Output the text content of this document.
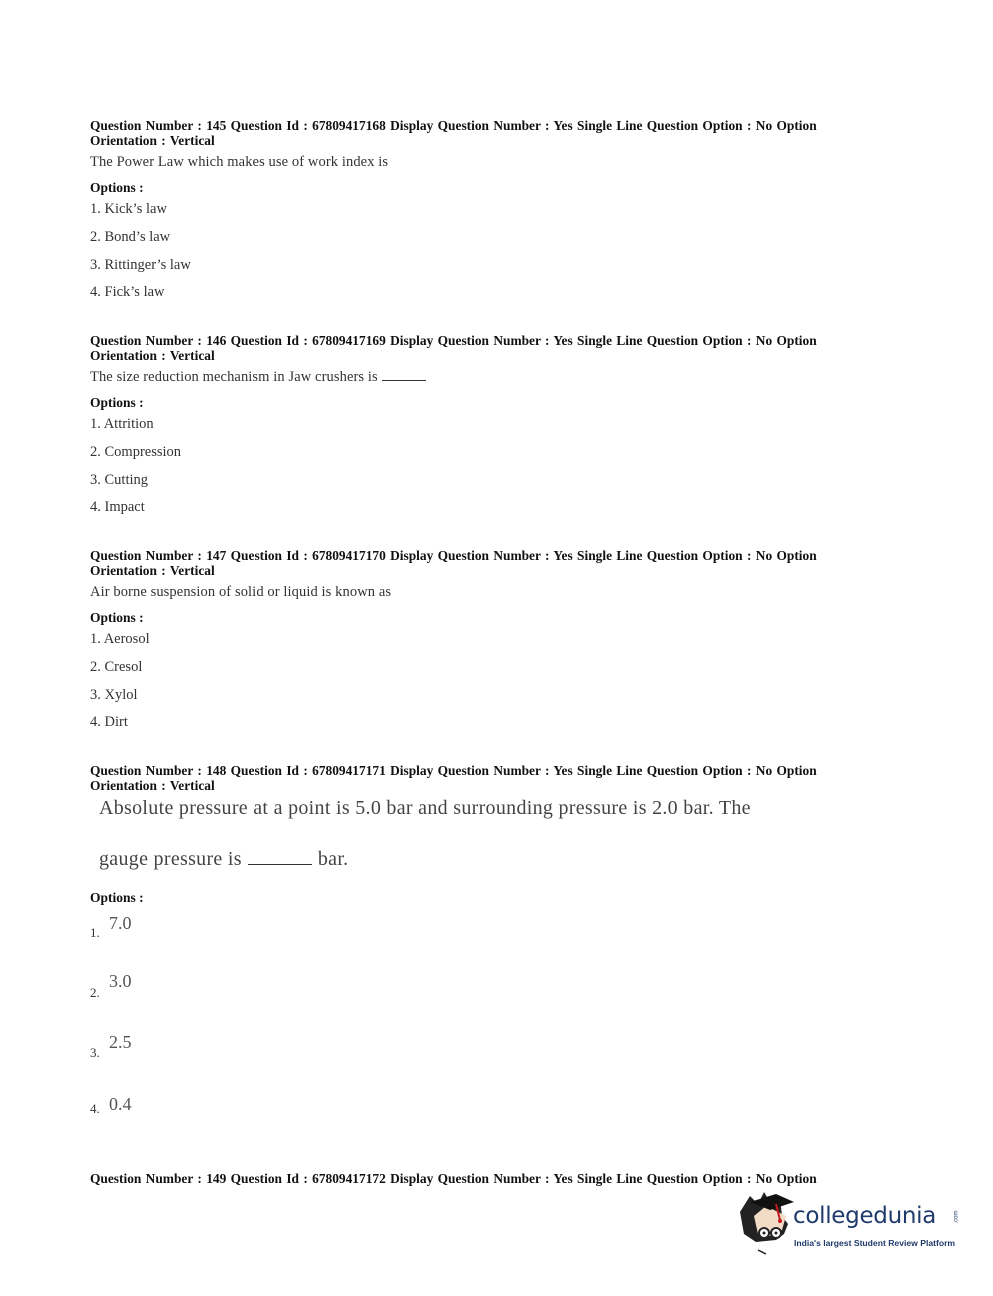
Question Number : 145 Question Id : 67809417168 Display Question Number : Yes Single Line Question Option : No Option
Orientation : Vertical
The Power Law which makes use of work index is
Options :
1. Kick’s law
2. Bond’s law
3. Rittinger’s law
4. Fick’s law
Question Number : 146 Question Id : 67809417169 Display Question Number : Yes Single Line Question Option : No Option
Orientation : Vertical
The size reduction mechanism in Jaw crushers is
Options :
1. Attrition
2. Compression
3. Cutting
4. Impact
Question Number : 147 Question Id : 67809417170 Display Question Number : Yes Single Line Question Option : No Option
Orientation : Vertical
Air borne suspension of solid or liquid is known as
Options :
1. Aerosol
2. Cresol
3. Xylol
4. Dirt
Question Number : 148 Question Id : 67809417171 Display Question Number : Yes Single Line Question Option : No Option
Orientation : Vertical
Absolute pressure at a point is 5.0 bar and surrounding pressure is 2.0 bar. The
gauge pressure is	bar.
Options :
1. 7.0
2.
3.0
3.
2.5
4. 0.4
Question Number : 149 Question Id : 67809417172 Display Question Number : Yes Single Line Question Option : No Option
collegedunia	.com
India's largest Student Review Platform
